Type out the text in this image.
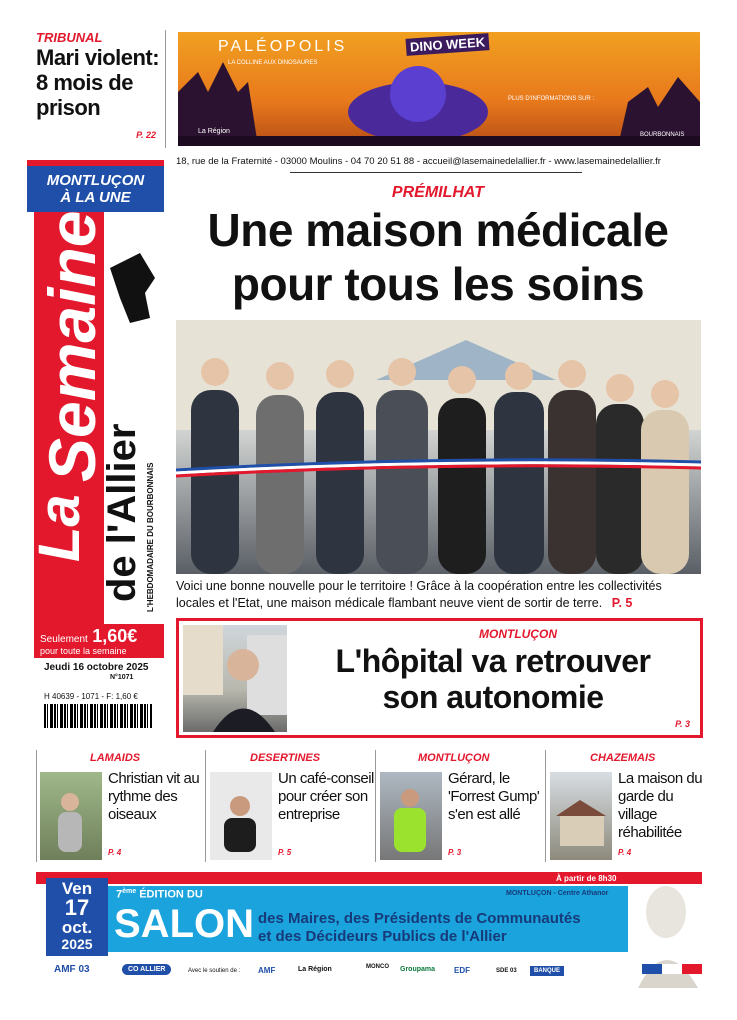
TRIBUNAL
Mari violent: 8 mois de prison
P. 22
PALÉOPOLIS
LA COLLINE AUX DINOSAURES
DINO WEEK
PLUS D'INFORMATIONS SUR :
La Région	BOURBONNAIS
MONTLUÇON À LA UNE
La
Semaine
de l'Allier L'HEBDOMADAIRE DU BOURBONNAIS
Seulement 1,60€
pour toute la semaine
Jeudi 16 octobre 2025
N°1071
H 40639 - 1071 - F: 1,60 €
18, rue de la Fraternité - 03000 Moulins - 04 70 20 51 88 - accueil@lasemainedelallier.fr - www.lasemainedelallier.fr
PRÉMILHAT
Une maison médicale
pour tous les soins
Voici une bonne nouvelle pour le territoire ! Grâce à la coopération entre les collectivités locales et l'Etat, une maison médicale flambant neuve vient de sortir de terre. P. 5
MONTLUÇON
L'hôpital va retrouver
son autonomie
P. 3
LAMAIDS
Christian vit au rythme des oiseaux
P. 4
DESERTINES
Un café-conseil pour créer son entreprise
P. 5
MONTLUÇON
Gérard, le 'Forrest Gump' s'en est allé
P. 3
CHAZEMAIS
La maison du garde du village réhabilitée
P. 4
Ven
17
oct.
2025
7ème ÉDITION DU
SALON des Maires, des Présidents de Communautés
et des Décideurs Publics de l'Allier
À partir de 8h30
MONTLUÇON - Centre Athanor
Avec le soutien de :
AMF 03	CO ALLIER	AMF	La Région	MONCO Groupama EDF	SDE 03	BANQUE
